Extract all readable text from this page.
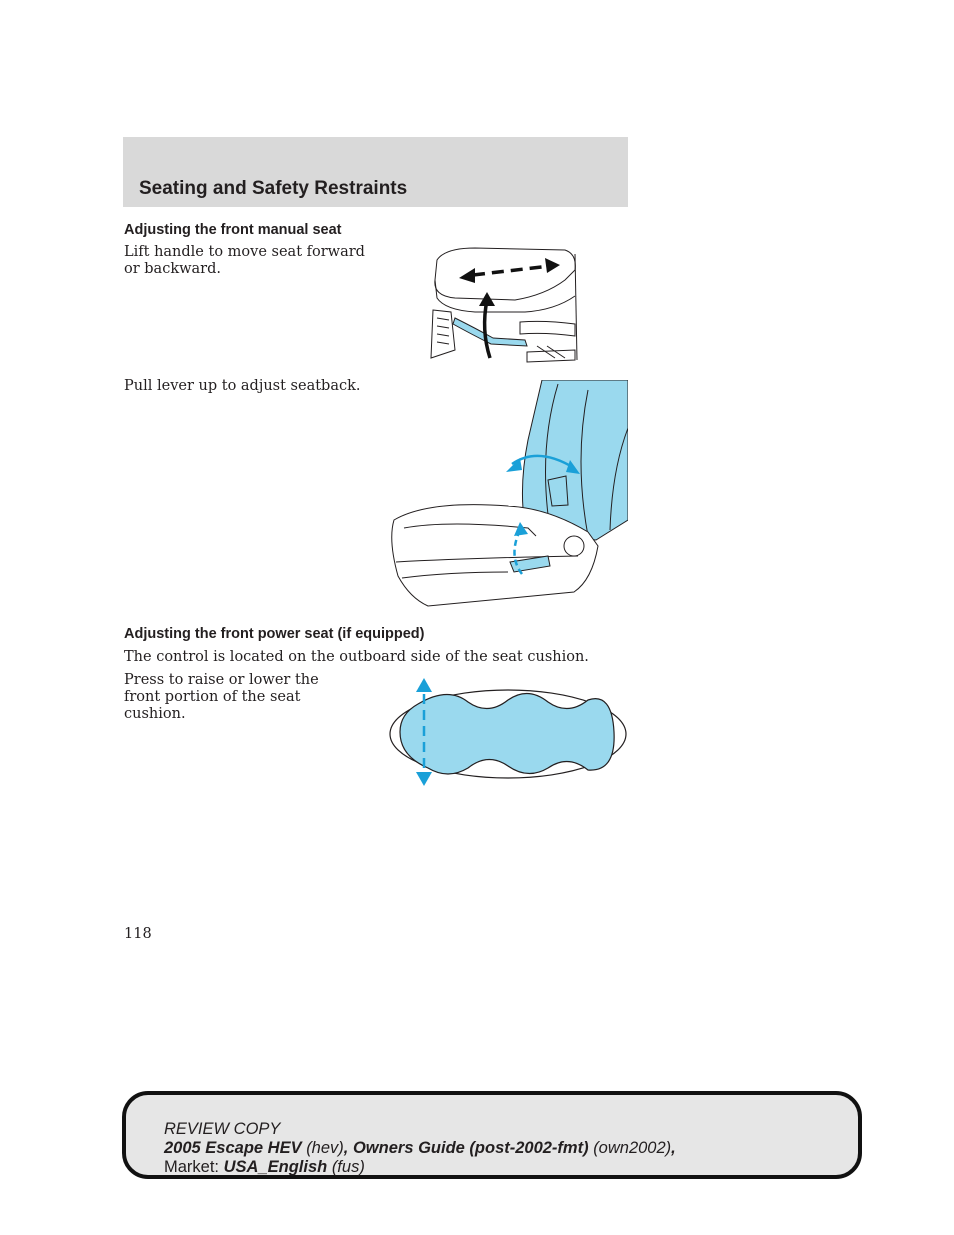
Seating and Safety Restraints
Adjusting the front manual seat

Lift handle to move seat forward or backward.

Pull lever up to adjust seatback.

Adjusting the front power seat (if equipped)

The control is located on the outboard side of the seat cushion.

Press to raise or lower the front portion of the seat cushion.

118
REVIEW COPY
2005 Escape HEV (hev), Owners Guide (post-2002-fmt) (own2002),
Market: USA_English (fus)
